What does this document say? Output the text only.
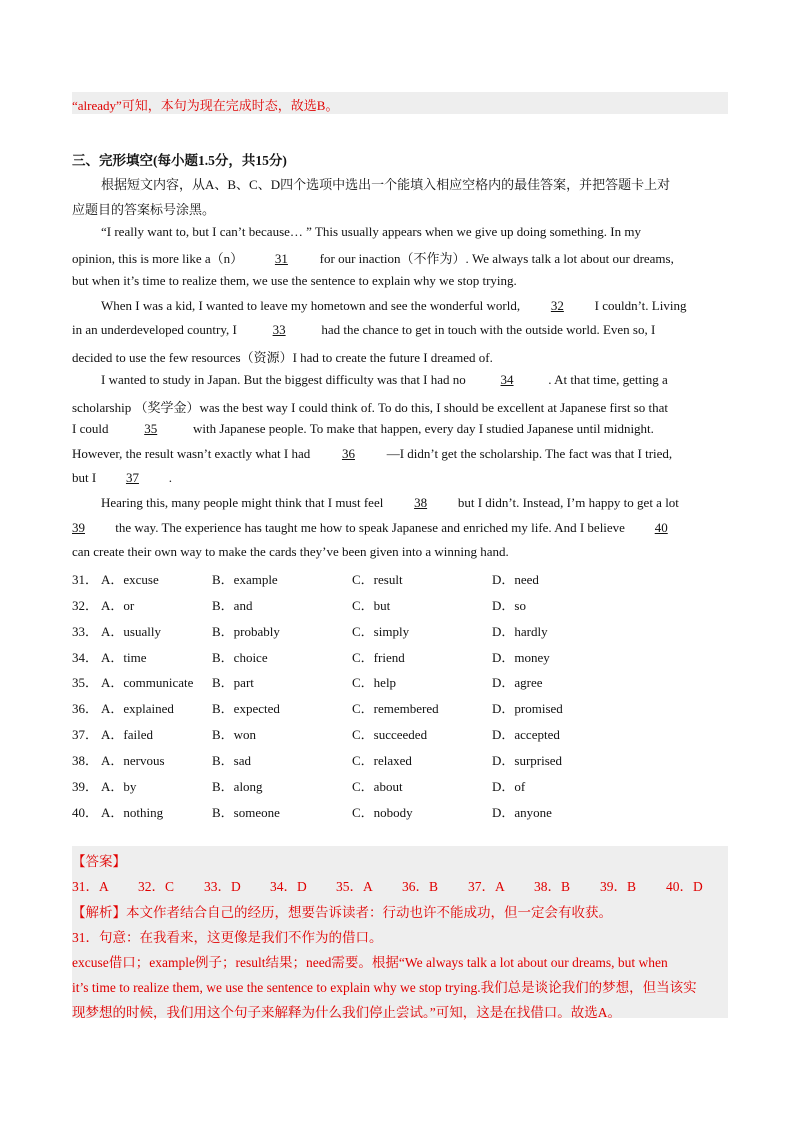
“already”可知，本句为现在完成时态，故选B。
三、完形填空(每小题1.5分，共15分)
根据短文内容，从A、B、C、D四个选项中选出一个能填入相应空格内的最佳答案，并把答题卡上对
应题目的答案标号涂黑。
“I really want to, but I can’t because… ” This usually appears when we give up doing something. In my
opinion, this is more like a（n） 31 for our inaction（不作为）. We always talk a lot about our dreams,
but when it’s time to realize them, we use the sentence to explain why we stop trying.
When I was a kid, I wanted to leave my hometown and see the wonderful world, 32 I couldn’t. Living
in an underdeveloped country, I	33	had the chance to get in touch with the outside world. Even so, I
decided to use the few resources（资源）I had to create the future I dreamed of.
I wanted to study in Japan. But the biggest difficulty was that I had no	34	. At that time, getting a
scholarship （奖学金）was the best way I could think of. To do this, I should be excellent at Japanese first so that
I could	35	with Japanese people. To make that happen, every day I studied Japanese until midnight.
However, the result wasn’t exactly what I had 36 —I didn’t get the scholarship. The fact was that I tried,
but I 37 .
Hearing this, many people might think that I must feel 38 but I didn’t. Instead, I’m happy to get a lot
39 the way. The experience has taught me how to speak Japanese and enriched my life. And I believe 40
can create their own way to make the cards they’ve been given into a winning hand.
31． A．excuse	B．example	C．result	D．need
32． A．or	B．and	C．but	D．so
33． A．usually	B．probably	C．simply	D．hardly
34． A．time	B．choice	C．friend	D．money
35． A．communicate B．part	C．help	D．agree
36． A．explained	B．expected	C．remembered	D．promised
37． A．failed	B．won	C．succeeded	D．accepted
38． A．nervous	B．sad	C．relaxed	D．surprised
39． A．by	B．along	C．about	D．of
40． A．nothing	B．someone	C．nobody	D．anyone
【答案】
31．A 32．C 33．D 34．D 35．A 36．B 37．A 38．B 39．B 40．D
【解析】本文作者结合自己的经历，想要告诉读者：行动也许不能成功，但一定会有收获。
31．句意：在我看来，这更像是我们不作为的借口。
excuse借口；example例子；result结果；need需要。根据“We always talk a lot about our dreams, but when
it’s time to realize them, we use the sentence to explain why we stop trying.我们总是谈论我们的梦想，但当该实
现梦想的时候，我们用这个句子来解释为什么我们停止尝试。”可知，这是在找借口。故选A。
